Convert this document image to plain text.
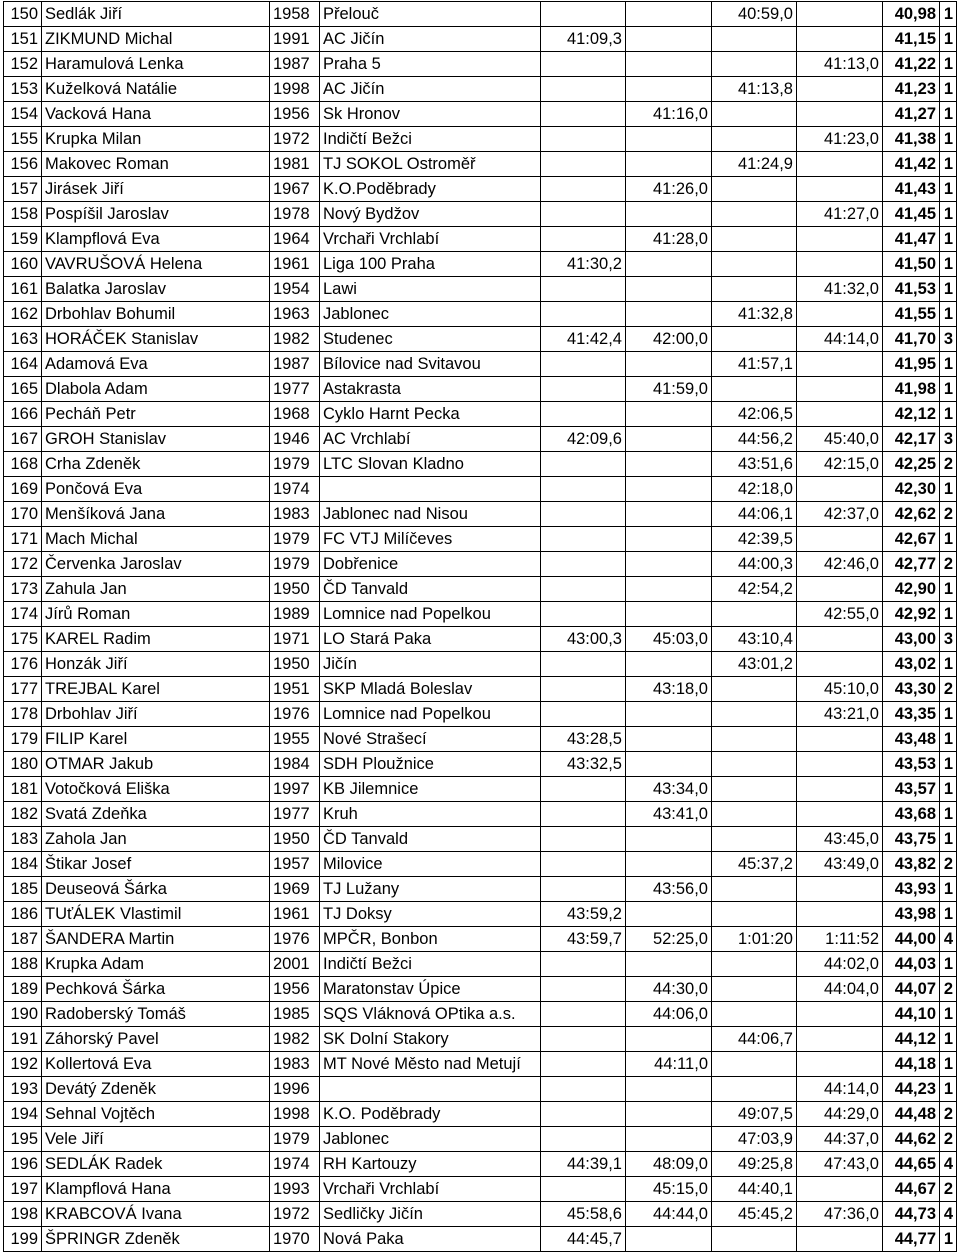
150	Sedlák Jiří	1958	Přelouč			40:59,0		40,98	1
151	ZIKMUND Michal	1991	AC Jičín	41:09,3				41,15	1
152	Haramulová Lenka	1987	Praha 5				41:13,0	41,22	1
153	Kuželková Natálie	1998	AC Jičín			41:13,8		41,23	1
154	Vacková Hana	1956	Sk Hronov		41:16,0			41,27	1
155	Krupka Milan	1972	Indičtí Bežci				41:23,0	41,38	1
156	Makovec Roman	1981	TJ SOKOL Ostroměř			41:24,9		41,42	1
157	Jirásek Jiří	1967	K.O.Poděbrady		41:26,0			41,43	1
158	Pospíšil Jaroslav	1978	Nový Bydžov				41:27,0	41,45	1
159	Klampflová Eva	1964	Vrchaři Vrchlabí		41:28,0			41,47	1
160	VAVRUŠOVÁ Helena	1961	Liga 100 Praha	41:30,2				41,50	1
161	Balatka Jaroslav	1954	Lawi				41:32,0	41,53	1
162	Drbohlav Bohumil	1963	Jablonec			41:32,8		41,55	1
163	HORÁČEK Stanislav	1982	Studenec	41:42,4	42:00,0		44:14,0	41,70	3
164	Adamová Eva	1987	Bílovice nad Svitavou			41:57,1		41,95	1
165	Dlabola Adam	1977	Astakrasta		41:59,0			41,98	1
166	Pecháň Petr	1968	Cyklo Harnt Pecka			42:06,5		42,12	1
167	GROH Stanislav	1946	AC Vrchlabí	42:09,6		44:56,2	45:40,0	42,17	3
168	Crha Zdeněk	1979	LTC Slovan Kladno			43:51,6	42:15,0	42,25	2
169	Pončová Eva	1974				42:18,0		42,30	1
170	Menšíková Jana	1983	Jablonec nad Nisou			44:06,1	42:37,0	42,62	2
171	Mach Michal	1979	FC VTJ Milíčeves			42:39,5		42,67	1
172	Červenka Jaroslav	1979	Dobřenice			44:00,3	42:46,0	42,77	2
173	Zahula Jan	1950	ČD Tanvald			42:54,2		42,90	1
174	Jírů Roman	1989	Lomnice nad Popelkou				42:55,0	42,92	1
175	KAREL Radim	1971	LO Stará Paka	43:00,3	45:03,0	43:10,4		43,00	3
176	Honzák Jiří	1950	Jičín			43:01,2		43,02	1
177	TREJBAL Karel	1951	SKP Mladá Boleslav		43:18,0		45:10,0	43,30	2
178	Drbohlav Jiří	1976	Lomnice nad Popelkou				43:21,0	43,35	1
179	FILIP Karel	1955	Nové Strašecí	43:28,5				43,48	1
180	OTMAR Jakub	1984	SDH Ploužnice	43:32,5				43,53	1
181	Votočková Eliška	1997	KB Jilemnice		43:34,0			43,57	1
182	Svatá Zdeňka	1977	Kruh		43:41,0			43,68	1
183	Zahola Jan	1950	ČD Tanvald				43:45,0	43,75	1
184	Štikar Josef	1957	Milovice			45:37,2	43:49,0	43,82	2
185	Deuseová Šárka	1969	TJ Lužany		43:56,0			43,93	1
186	TUťÁLEK Vlastimil	1961	TJ Doksy	43:59,2				43,98	1
187	ŠANDERA Martin	1976	MPČR, Bonbon	43:59,7	52:25,0	1:01:20	1:11:52	44,00	4
188	Krupka Adam	2001	Indičtí Bežci				44:02,0	44,03	1
189	Pechková Šárka	1956	Maratonstav Úpice		44:30,0		44:04,0	44,07	2
190	Radoberský Tomáš	1985	SQS Vláknová OPtika a.s.		44:06,0			44,10	1
191	Záhorský Pavel	1982	SK Dolní Stakory			44:06,7		44,12	1
192	Kollertová Eva	1983	MT Nové Město nad Metují		44:11,0			44,18	1
193	Devátý Zdeněk	1996					44:14,0	44,23	1
194	Sehnal Vojtěch	1998	K.O. Poděbrady			49:07,5	44:29,0	44,48	2
195	Vele Jiří	1979	Jablonec			47:03,9	44:37,0	44,62	2
196	SEDLÁK Radek	1974	RH Kartouzy	44:39,1	48:09,0	49:25,8	47:43,0	44,65	4
197	Klampflová Hana	1993	Vrchaři Vrchlabí		45:15,0	44:40,1		44,67	2
198	KRABCOVÁ Ivana	1972	Sedličky Jičín	45:58,6	44:44,0	45:45,2	47:36,0	44,73	4
199	ŠPRINGR Zdeněk	1970	Nová Paka	44:45,7				44,77	1
